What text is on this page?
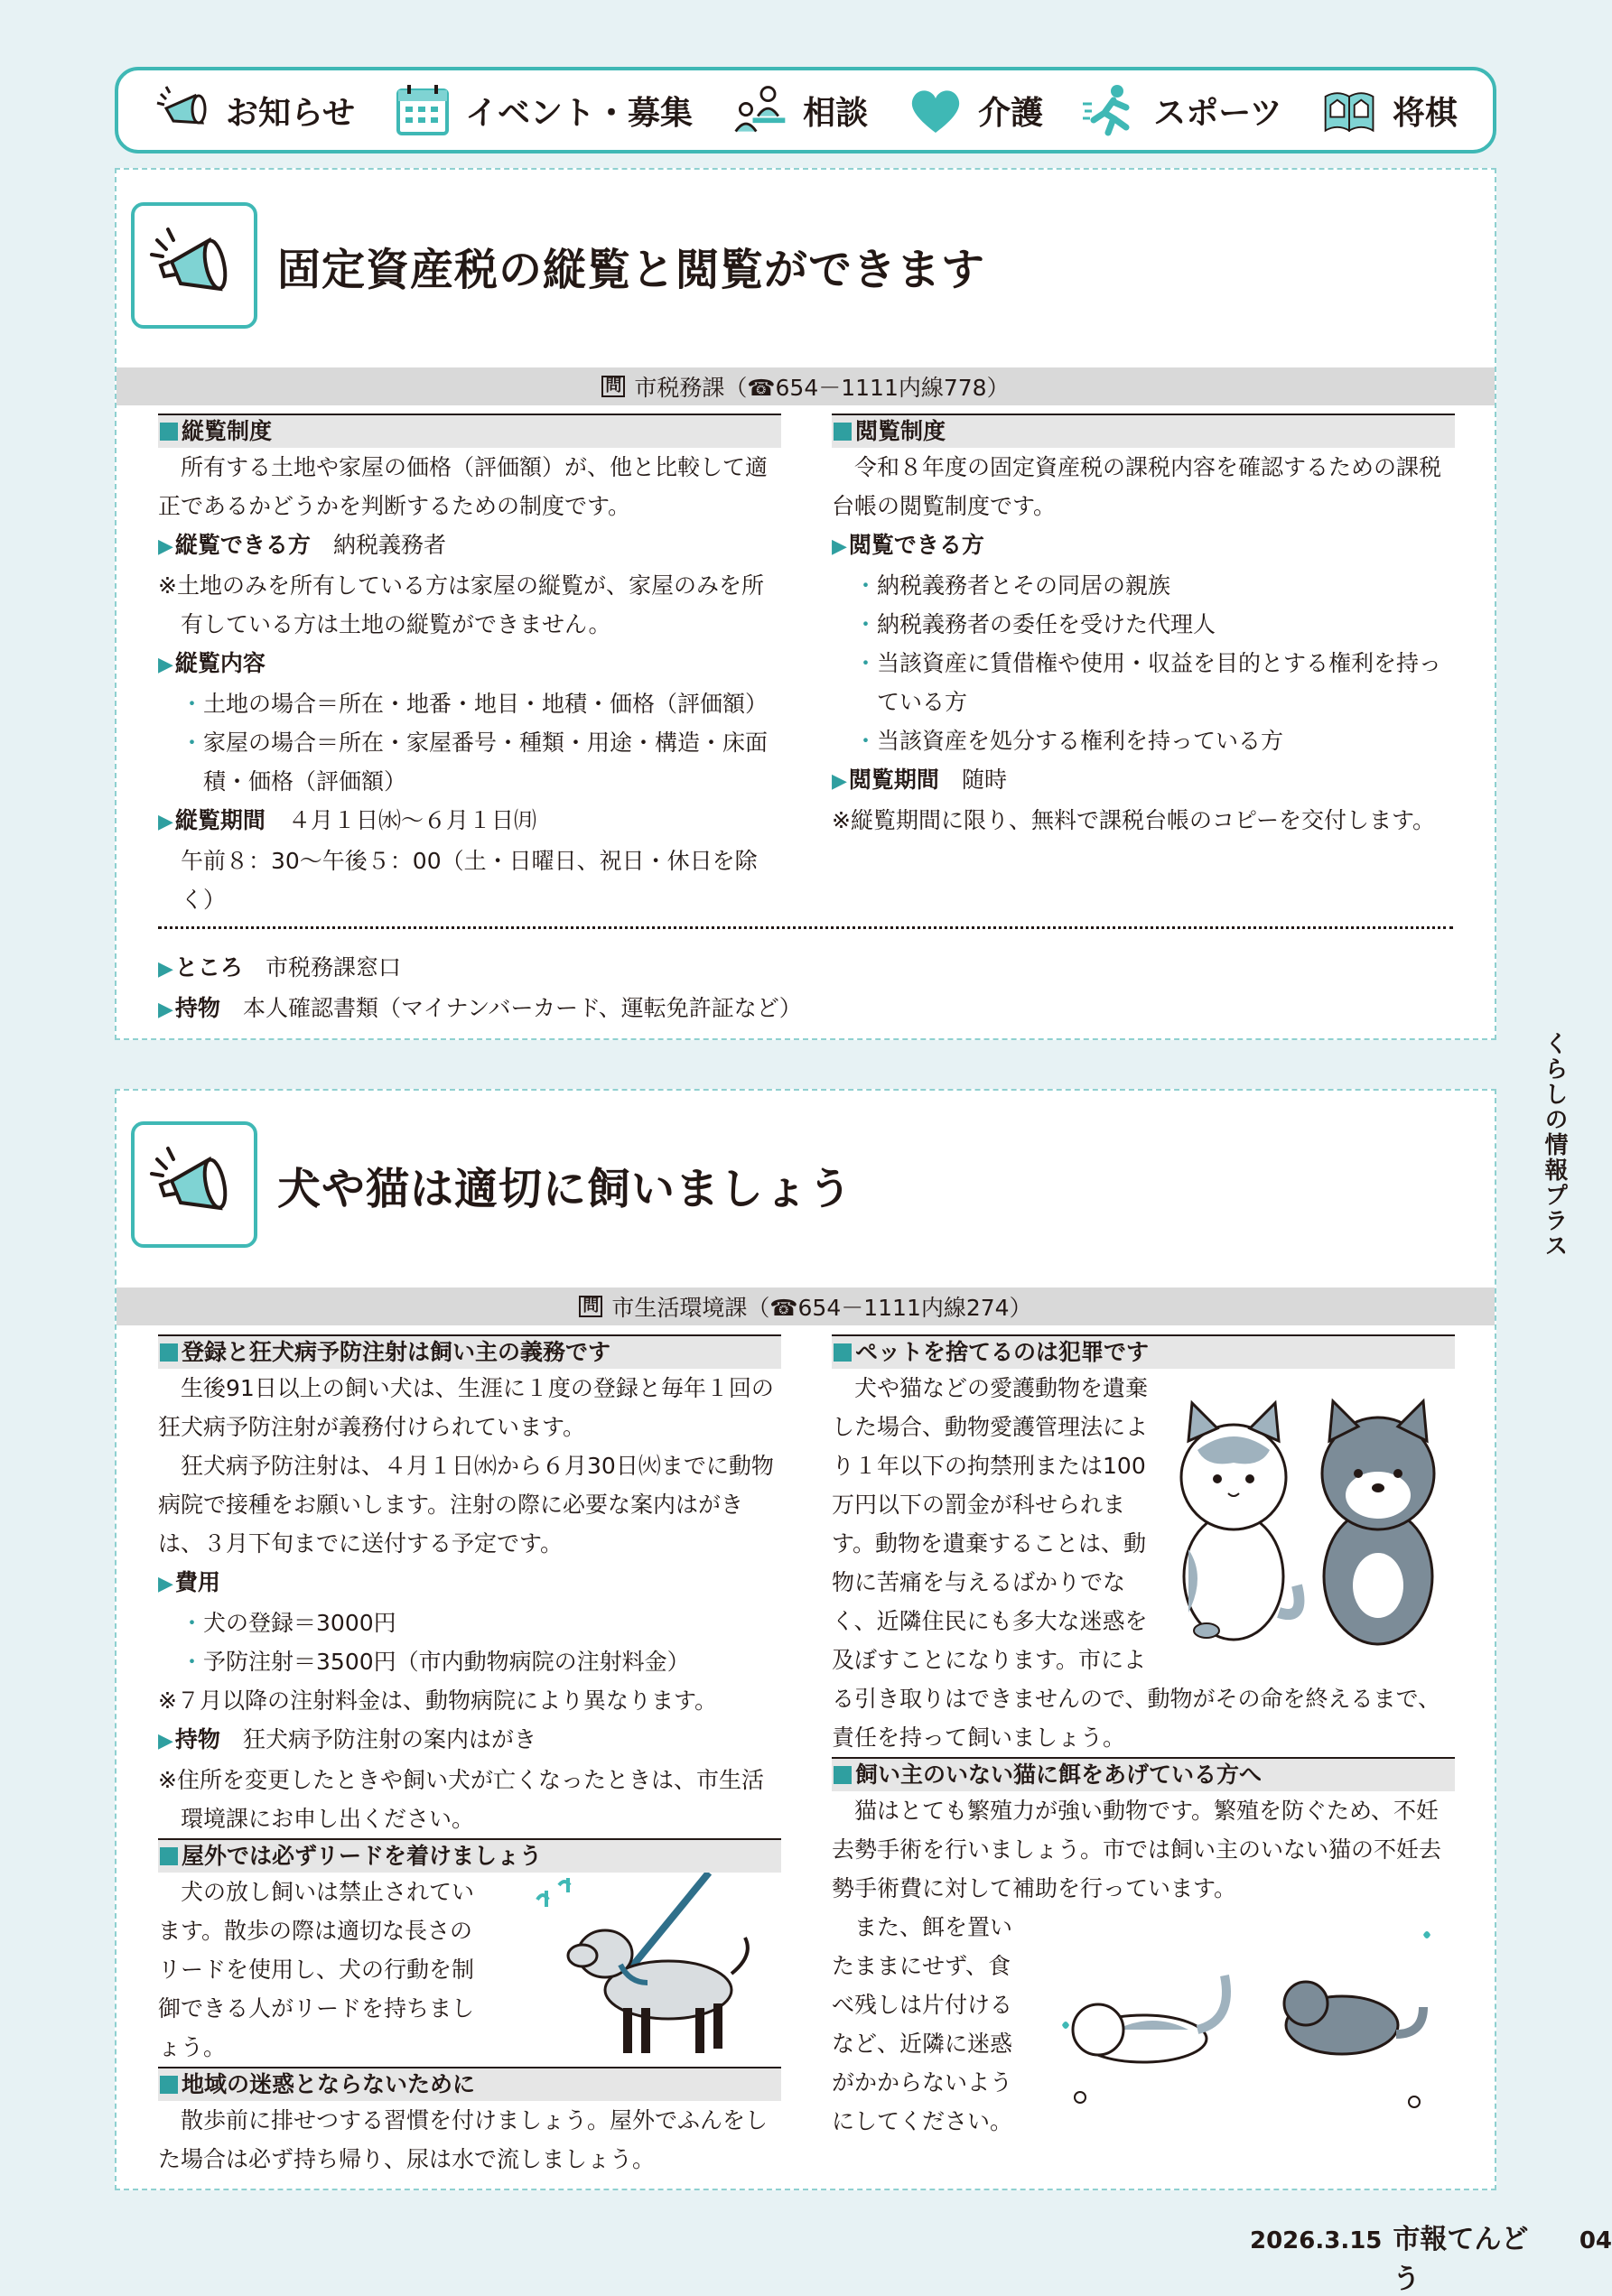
お知らせ	イベント・募集	相談	介護	スポーツ	将棋
固定資産税の縦覧と閲覧ができます
問 市税務課（☎654－1111内線778）
縦覧制度

所有する土地や家屋の価格（評価額）が、他と比較して適正であるかどうかを判断するための制度です。

▶縦覧できる方　 納税義務者
※土地のみを所有している方は家屋の縦覧が、家屋のみを所有している方は土地の縦覧ができません。
▶縦覧内容
・土地の場合＝所在・地番・地目・地積・価格（評価額）
・家屋の場合＝所在・家屋番号・種類・用途・構造・床面積・価格（評価額）
▶縦覧期間　 ４月１日㈬～６月１日㈪
午前８：30～午後５：00（土・日曜日、祝日・休日を除く）
閲覧制度

令和８年度の固定資産税の課税内容を確認するための課税台帳の閲覧制度です。

▶閲覧できる方
・納税義務者とその同居の親族
・納税義務者の委任を受けた代理人
・当該資産に賃借権や使用・収益を目的とする権利を持っている方
・当該資産を処分する権利を持っている方
▶閲覧期間　 随時
※縦覧期間に限り、無料で課税台帳のコピーを交付します。
▶ところ　 市税務課窓口
▶持物　 本人確認書類（マイナンバーカード、運転免許証など）
犬や猫は適切に飼いましょう
問 市生活環境課（☎654－1111内線274）
登録と狂犬病予防注射は飼い主の義務です

生後91日以上の飼い犬は、生涯に１度の登録と毎年１回の狂犬病予防注射が義務付けられています。

狂犬病予防注射は、４月１日㈬から６月30日㈫までに動物病院で接種をお願いします。注射の際に必要な案内はがきは、３月下旬までに送付する予定です。

▶費用
・犬の登録＝3000円
・予防注射＝3500円（市内動物病院の注射料金）
※７月以降の注射料金は、動物病院により異なります。
▶持物　 狂犬病予防注射の案内はがき
※住所を変更したときや飼い犬が亡くなったときは、市生活環境課にお申し出ください。
屋外では必ずリードを着けましょう

犬の放し飼いは禁止されています。散歩の際は適切な長さのリードを使用し、犬の行動を制御できる人がリードを持ちましょう。

地域の迷惑とならないために

散歩前に排せつする習慣を付けましょう。屋外でふんをした場合は必ず持ち帰り、尿は水で流しましょう。

ペットを捨てるのは犯罪です

犬や猫などの愛護動物を遺棄した場合、動物愛護管理法により１年以下の拘禁刑または100万円以下の罰金が科せられます。動物を遺棄することは、動物に苦痛を与えるばかりでなく、近隣住民にも多大な迷惑を及ぼすことになります。市による引き取りはできませんので、動物がその命を終えるまで、責任を持って飼いましょう。

飼い主のいない猫に餌をあげている方へ

猫はとても繁殖力が強い動物です。繁殖を防ぐため、不妊去勢手術を行いましょう。市では飼い主のいない猫の不妊去勢手術費に対して補助を行っています。

また、餌を置いたままにせず、食べ残しは片付けるなど、近隣に迷惑がかからないようにしてください。

くらしの情報プラス
2026.3.15 市報てんどう
04
